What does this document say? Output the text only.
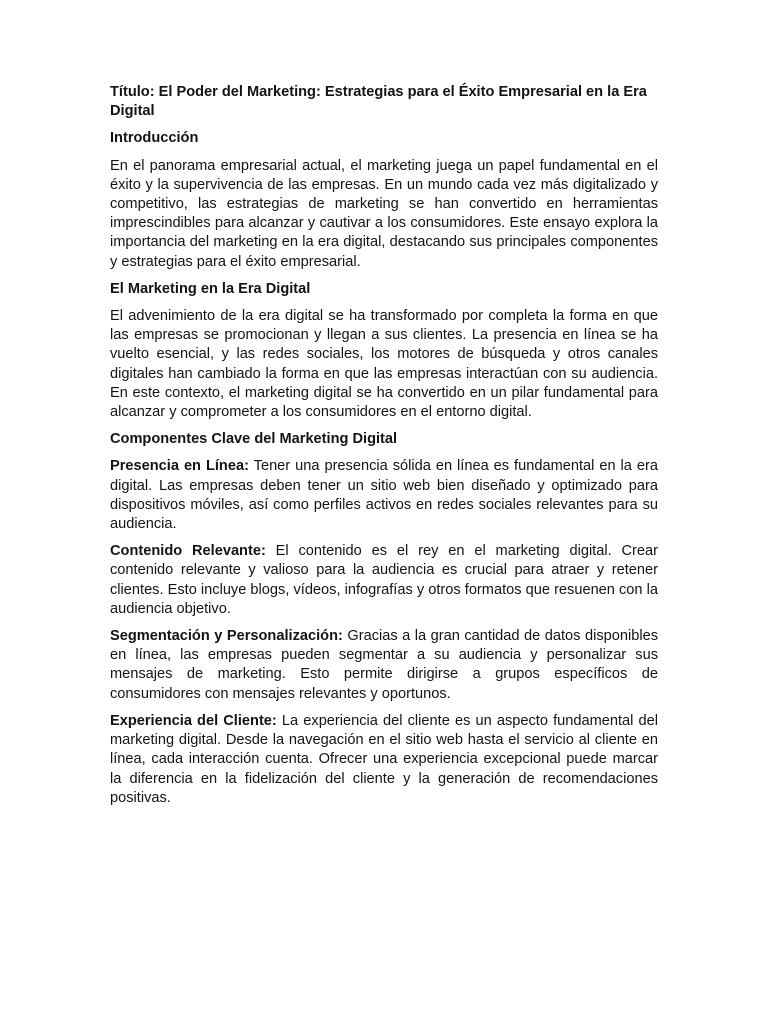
Título: El Poder del Marketing: Estrategias para el Éxito Empresarial en la Era Digital

Introducción

En el panorama empresarial actual, el marketing juega un papel fundamental en el éxito y la supervivencia de las empresas. En un mundo cada vez más digitalizado y competitivo, las estrategias de marketing se han convertido en herramientas imprescindibles para alcanzar y cautivar a los consumidores. Este ensayo explora la importancia del marketing en la era digital, destacando sus principales componentes y estrategias para el éxito empresarial.

El Marketing en la Era Digital

El advenimiento de la era digital se ha transformado por completa la forma en que las empresas se promocionan y llegan a sus clientes. La presencia en línea se ha vuelto esencial, y las redes sociales, los motores de búsqueda y otros canales digitales han cambiado la forma en que las empresas interactúan con su audiencia. En este contexto, el marketing digital se ha convertido en un pilar fundamental para alcanzar y comprometer a los consumidores en el entorno digital.

Componentes Clave del Marketing Digital

Presencia en Línea: Tener una presencia sólida en línea es fundamental en la era digital. Las empresas deben tener un sitio web bien diseñado y optimizado para dispositivos móviles, así como perfiles activos en redes sociales relevantes para su audiencia.

Contenido Relevante: El contenido es el rey en el marketing digital. Crear contenido relevante y valioso para la audiencia es crucial para atraer y retener clientes. Esto incluye blogs, vídeos, infografías y otros formatos que resuenen con la audiencia objetivo.

Segmentación y Personalización: Gracias a la gran cantidad de datos disponibles en línea, las empresas pueden segmentar a su audiencia y personalizar sus mensajes de marketing. Esto permite dirigirse a grupos específicos de consumidores con mensajes relevantes y oportunos.

Experiencia del Cliente: La experiencia del cliente es un aspecto fundamental del marketing digital. Desde la navegación en el sitio web hasta el servicio al cliente en línea, cada interacción cuenta. Ofrecer una experiencia excepcional puede marcar la diferencia en la fidelización del cliente y la generación de recomendaciones positivas.
